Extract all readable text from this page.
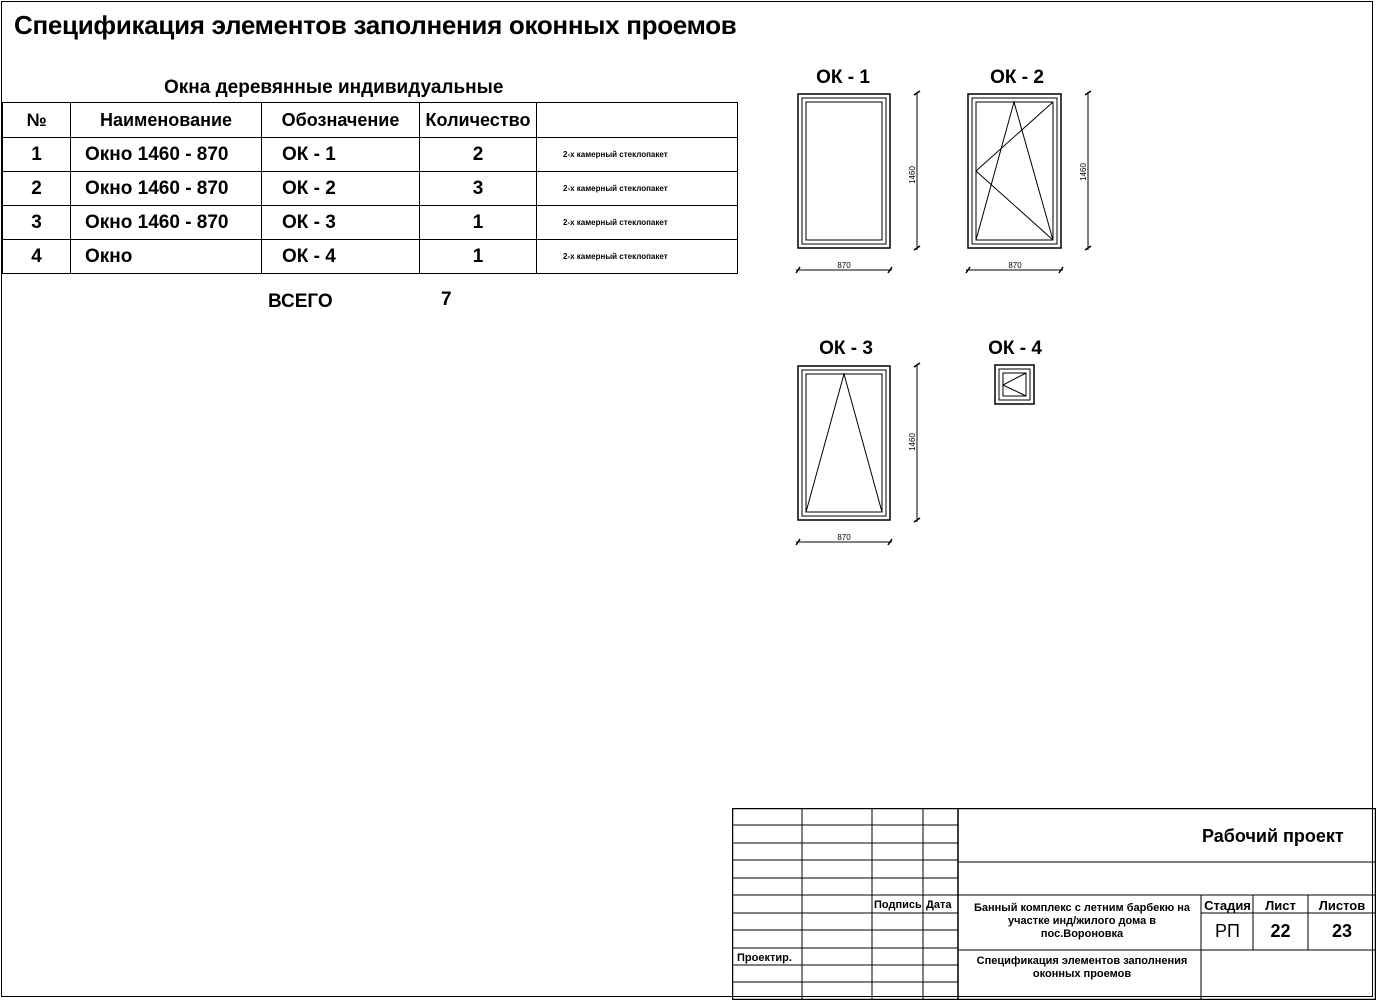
Спецификация элементов заполнения оконных проемов
Окна деревянные индивидуальные
№	Наименование	Обозначение	Количество	
1	Окно 1460 - 870	ОК - 1	2	2-х камерный стеклопакет
2	Окно 1460 - 870	ОК - 2	3	2-х камерный стеклопакет
3	Окно 1460 - 870	ОК - 3	1	2-х камерный стеклопакет
4	Окно	ОК - 4	1	2-х камерный стеклопакет
ВСЕГО	7
ОК - 1
1460
870
ОК - 2
1460
870
ОК - 3
1460
870
ОК - 4
Рабочий проект
Подпись Дата
Проектир.
Банный комплекс с летним барбекю на участке инд/жилого дома в пос.Вороновка
Стадия	Лист	Листов
РП	22	23
Спецификация элементов заполнения оконных проемов
